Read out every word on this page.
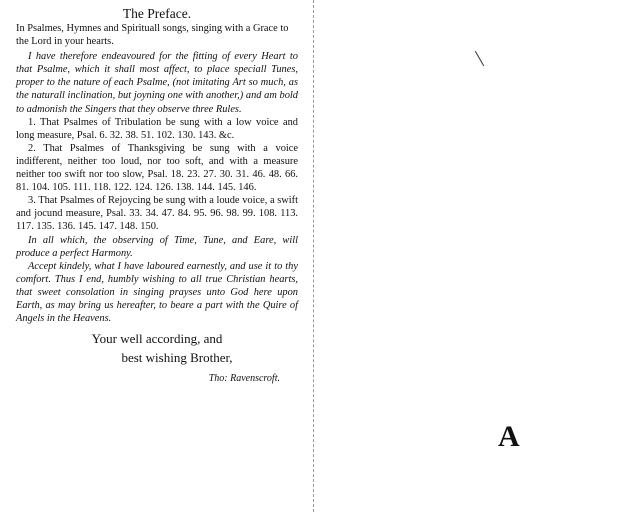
The Preface.

In Psalmes, Hymnes and Spirituall songs, singing with a Grace to the Lord in your hearts.

I have therefore endeavoured for the fitting of every Heart to that Psalme, which it shall most affect, to place speciall Tunes, proper to the nature of each Psalme, (not imitating Art so much, as the naturall inclination, but joyning one with another,) and am bold to admonish the Singers that they observe three Rules.

1. That Psalmes of Tribulation be sung with a low voice and long measure, Psal. 6. 32. 38. 51. 102. 130. 143. &c.

2. That Psalmes of Thanksgiving be sung with a voice indifferent, neither too loud, nor too soft, and with a measure neither too swift nor too slow, Psal. 18. 23. 27. 30. 31. 46. 48. 66. 81. 104. 105. 111. 118. 122. 124. 126. 138. 144. 145. 146.

3. That Psalmes of Rejoycing be sung with a loude voice, a swift and jocund measure, Psal. 33. 34. 47. 84. 95. 96. 98. 99. 108. 113. 117. 135. 136. 145. 147. 148. 150.

In all which, the observing of Time, Tune, and Eare, will produce a perfect Harmony.

Accept kindely, what I have laboured earnestly, and use it to thy comfort. Thus I end, humbly wishing to all true Christian hearts, that sweet consolation in singing prayses unto God here upon Earth, as may bring us hereafter, to beare a part with the Quire of Angels in the Heavens.

Your well according, and
best wishing Brother,
Tho: Ravenscroft.
A
